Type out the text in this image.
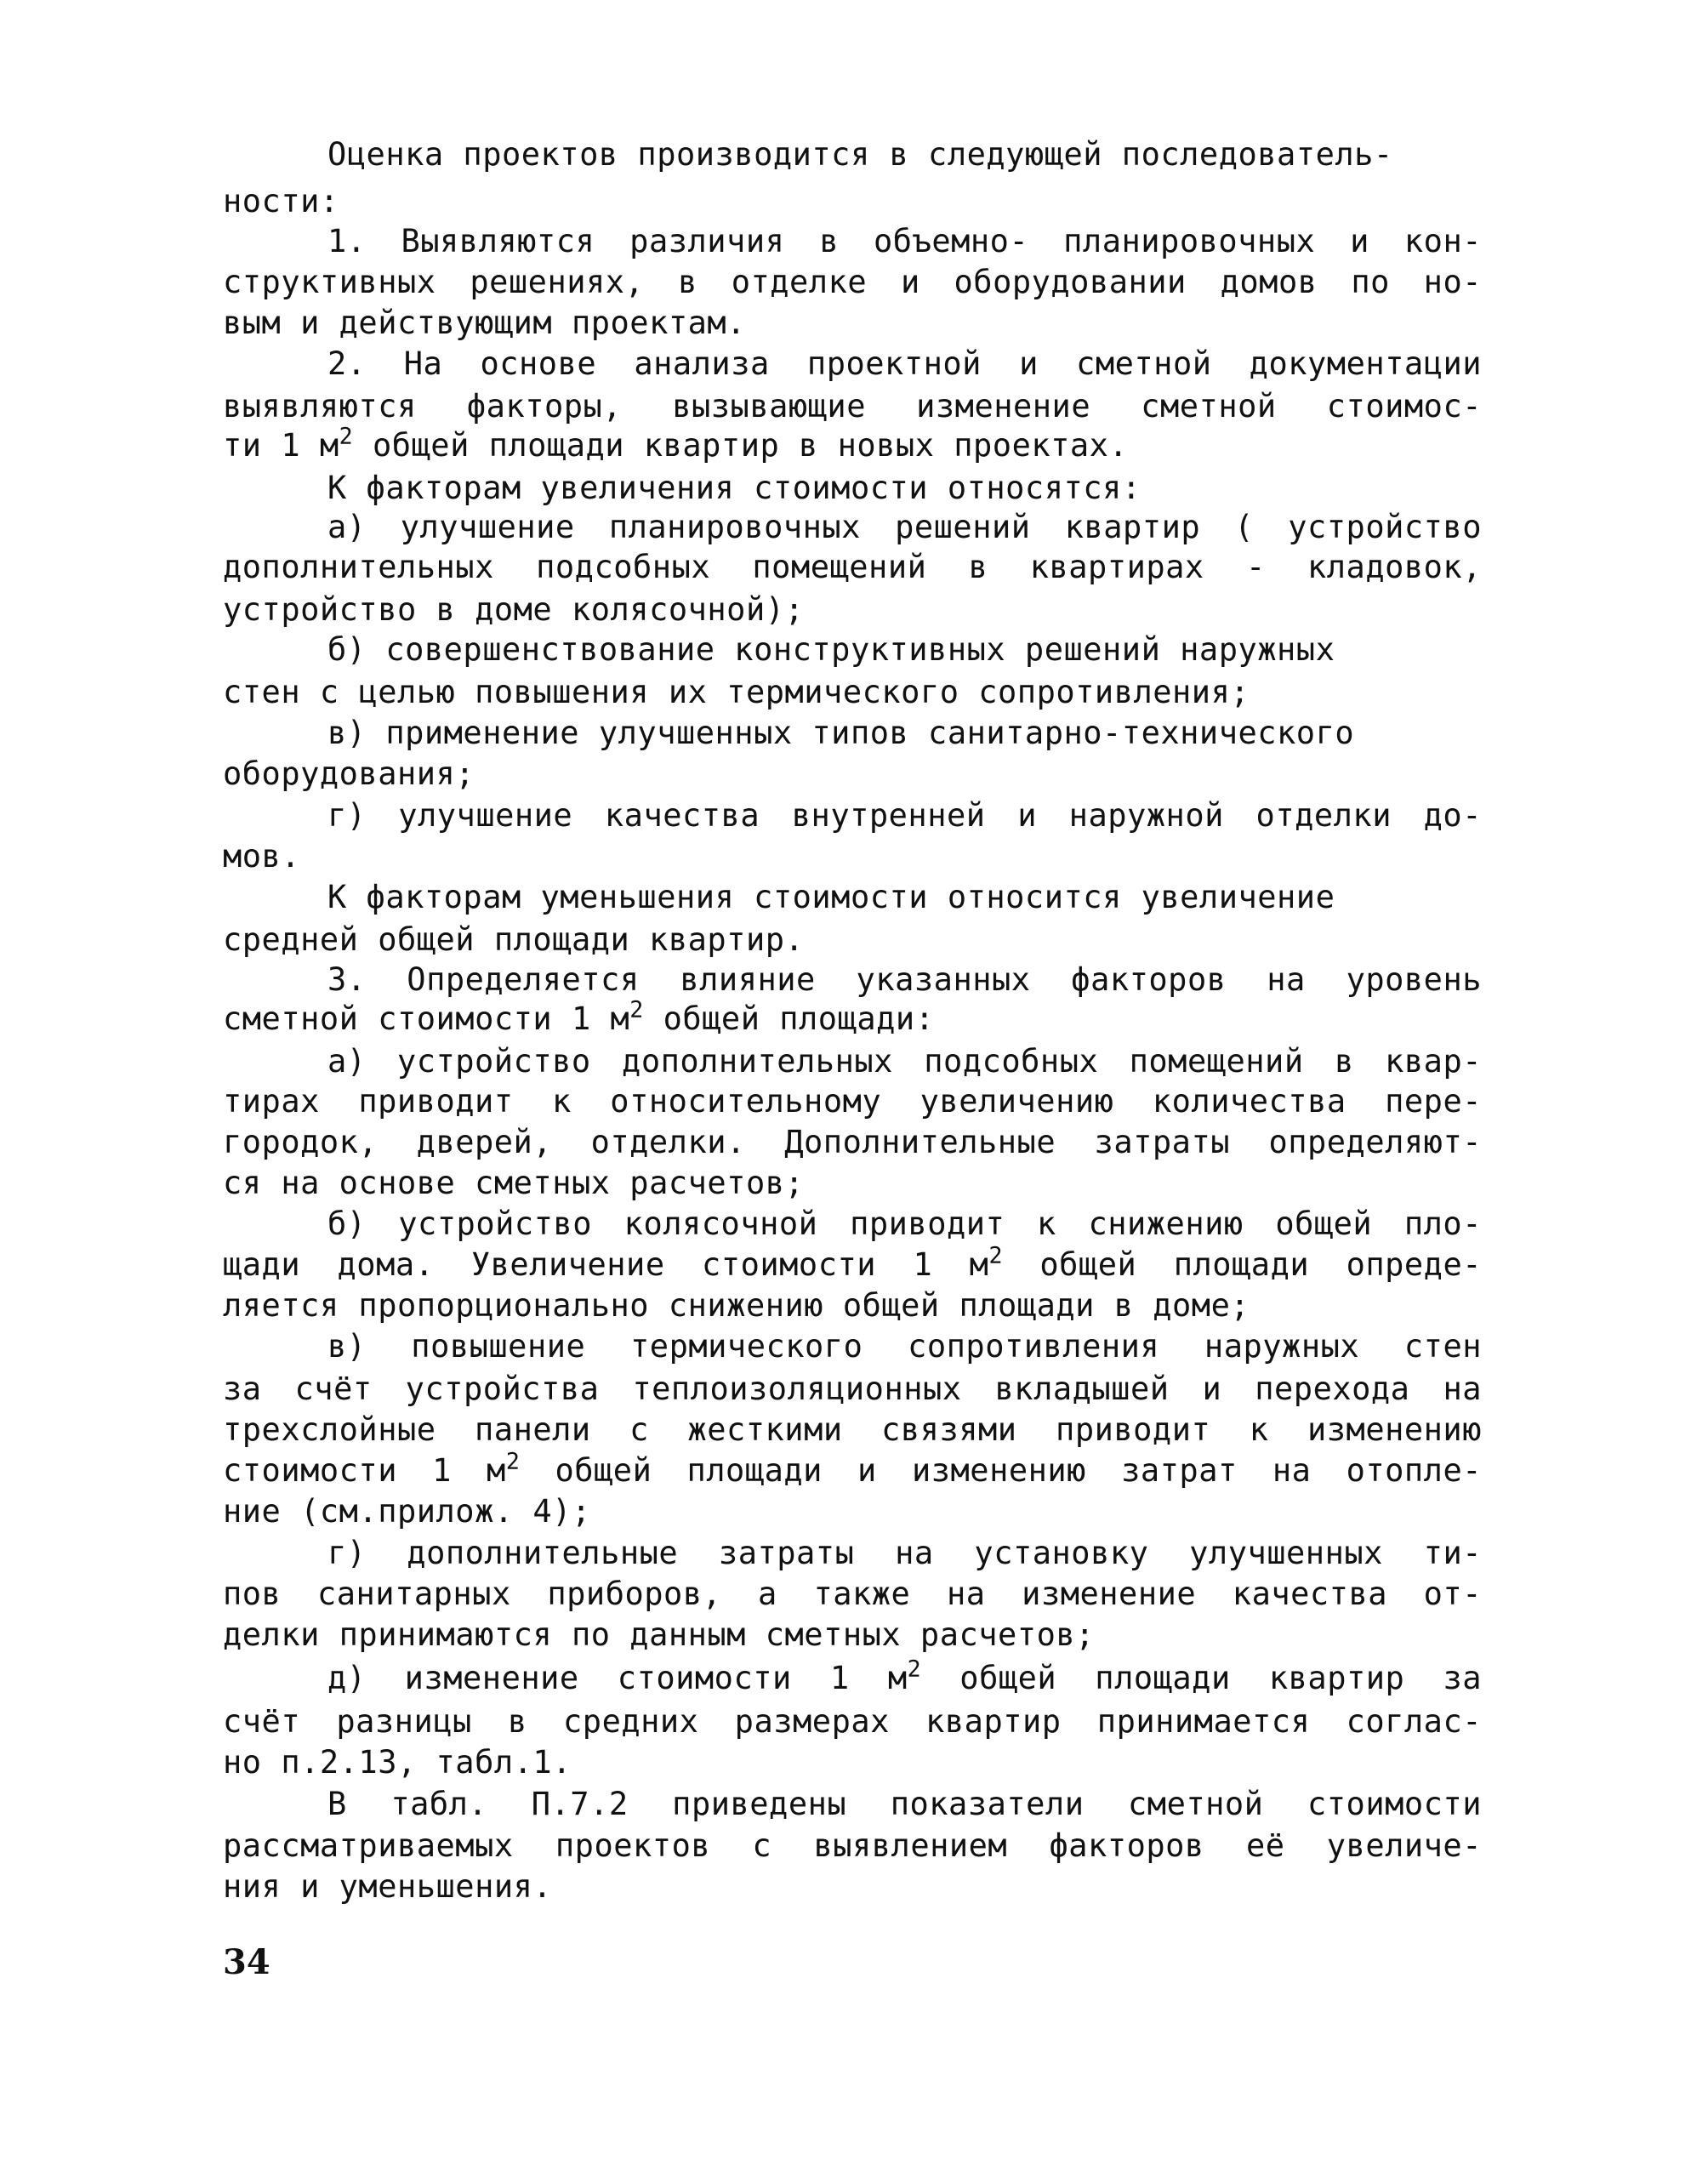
Оценка проектов производится в следующей последователь-
ности:
1. Выявляются различия в объемно- планировочных и кон-
структивных решениях, в отделке и оборудовании домов по но-
вым и действующим проектам.
2. На основе анализа проектной и сметной документации
выявляются факторы, вызывающие изменение сметной стоимос-
ти 1 $м^2$ общей площади квартир в новых проектах.
К факторам увеличения стоимости относятся:
а) улучшение планировочных решений квартир ( устройство
дополнительных подсобных помещений в квартирах - кладовок,
устройство в доме колясочной);
б) совершенствование конструктивных решений наружных
стен с целью повышения их термического сопротивления;
в) применение улучшенных типов санитарно-технического
оборудования;
г) улучшение качества внутренней и наружной отделки до-
мов.
К факторам уменьшения стоимости относится увеличение
средней общей площади квартир.
3. Определяется влияние указанных факторов на уровень
сметной стоимости 1 $м^2$ общей площади:
а) устройство дополнительных подсобных помещений в квар-
тирах приводит к относительному увеличению количества пере-
городок, дверей, отделки. Дополнительные затраты определяют-
ся на основе сметных расчетов;
б) устройство колясочной приводит к снижению общей пло-
щади дома. Увеличение стоимости 1 $м^2$ общей площади опреде-
ляется пропорционально снижению общей площади в доме;
в) повышение термического сопротивления наружных стен
за счёт устройства теплоизоляционных вкладышей и перехода на
трехслойные панели с жесткими связями приводит к изменению
стоимости 1 $м^2$ общей площади и изменению затрат на отопле-
ние (см.прилож. 4);
г) дополнительные затраты на установку улучшенных ти-
пов санитарных приборов, а также на изменение качества от-
делки принимаются по данным сметных расчетов;
д) изменение стоимости 1 $м^2$ общей площади квартир за
счёт разницы в средних размерах квартир принимается соглас-
но п.2.13, табл.1.
В табл. П.7.2 приведены показатели сметной стоимости
рассматриваемых проектов с выявлением факторов её увеличе-
ния и уменьшения.
34
